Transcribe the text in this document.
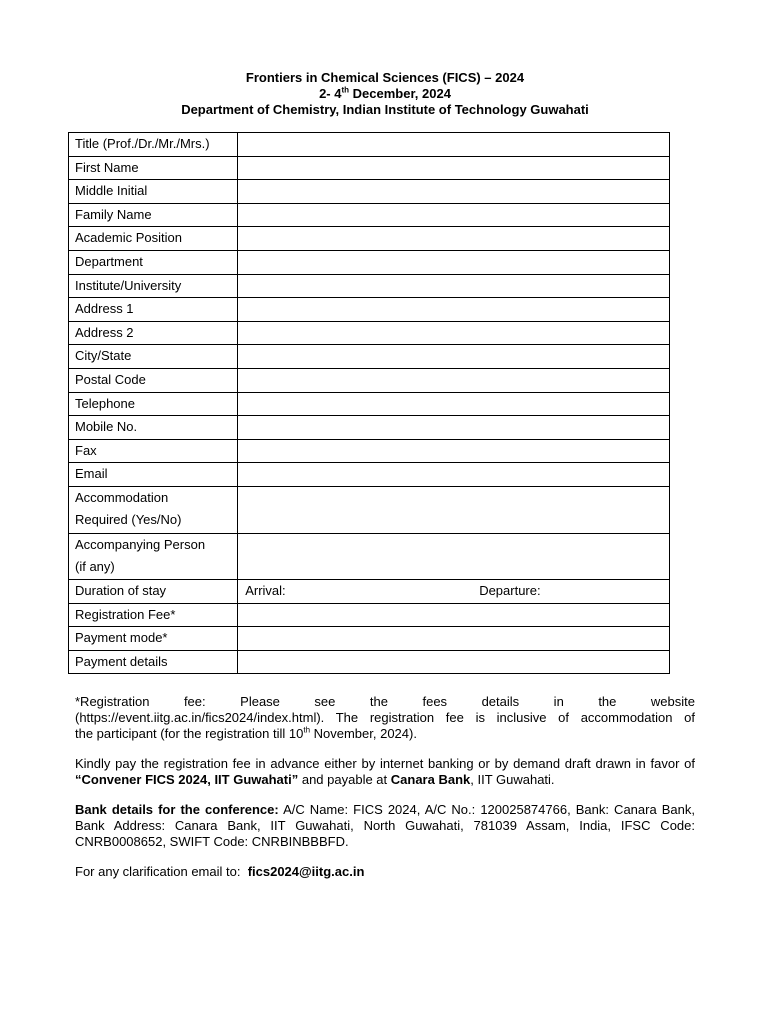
Frontiers in Chemical Sciences (FICS) – 2024
2- 4th December, 2024
Department of Chemistry, Indian Institute of Technology Guwahati
Title (Prof./Dr./Mr./Mrs.)	
First Name	
Middle Initial	
Family Name	
Academic Position	
Department	
Institute/University	
Address 1	
Address 2	
City/State	
Postal Code	
Telephone	
Mobile No.	
Fax	
Email	

Accommodation
Required (Yes/No)	

Accompanying Person
(if any)	

Duration of stay	Arrival: Departure:

Registration Fee*	
Payment mode*	
Payment details	

*Registration fee: Please see the fees details in the website
(https://event.iitg.ac.in/fics2024/index.html). The registration fee is inclusive of accommodation of
the participant (for the registration till 10th November, 2024).

Kindly pay the registration fee in advance either by internet banking or by demand draft drawn in favor of “Convener FICS 2024, IIT Guwahati” and payable at Canara Bank, IIT Guwahati.

Bank details for the conference: A/C Name: FICS 2024, A/C No.: 120025874766, Bank: Canara Bank, Bank Address: Canara Bank, IIT Guwahati, North Guwahati, 781039 Assam, India, IFSC Code: CNRB0008652, SWIFT Code: CNRBINBBBFD.

For any clarification email to:  fics2024@iitg.ac.in
